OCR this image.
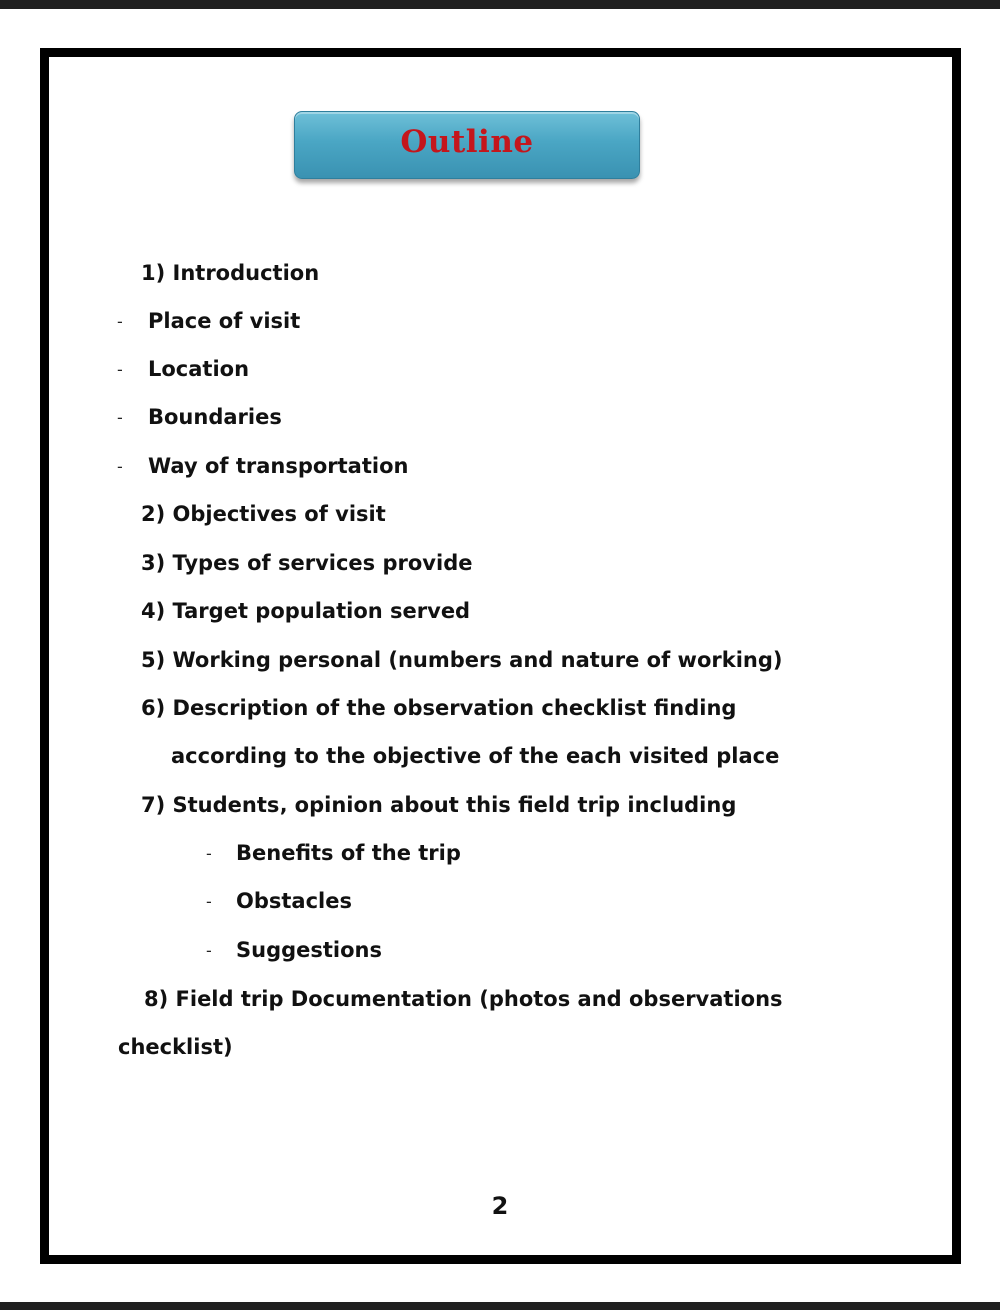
Outline
1) Introduction
- Place of visit
- Location
- Boundaries
- Way of transportation
2) Objectives of visit
3) Types of services provide
4) Target population served
5) Working personal (numbers and nature of working)
6) Description of the observation checklist finding
according to the objective of the each visited place
7) Students‚ opinion about this field trip including
- Benefits of the trip
- Obstacles
- Suggestions
8) Field trip Documentation (photos and observations
checklist)
2
